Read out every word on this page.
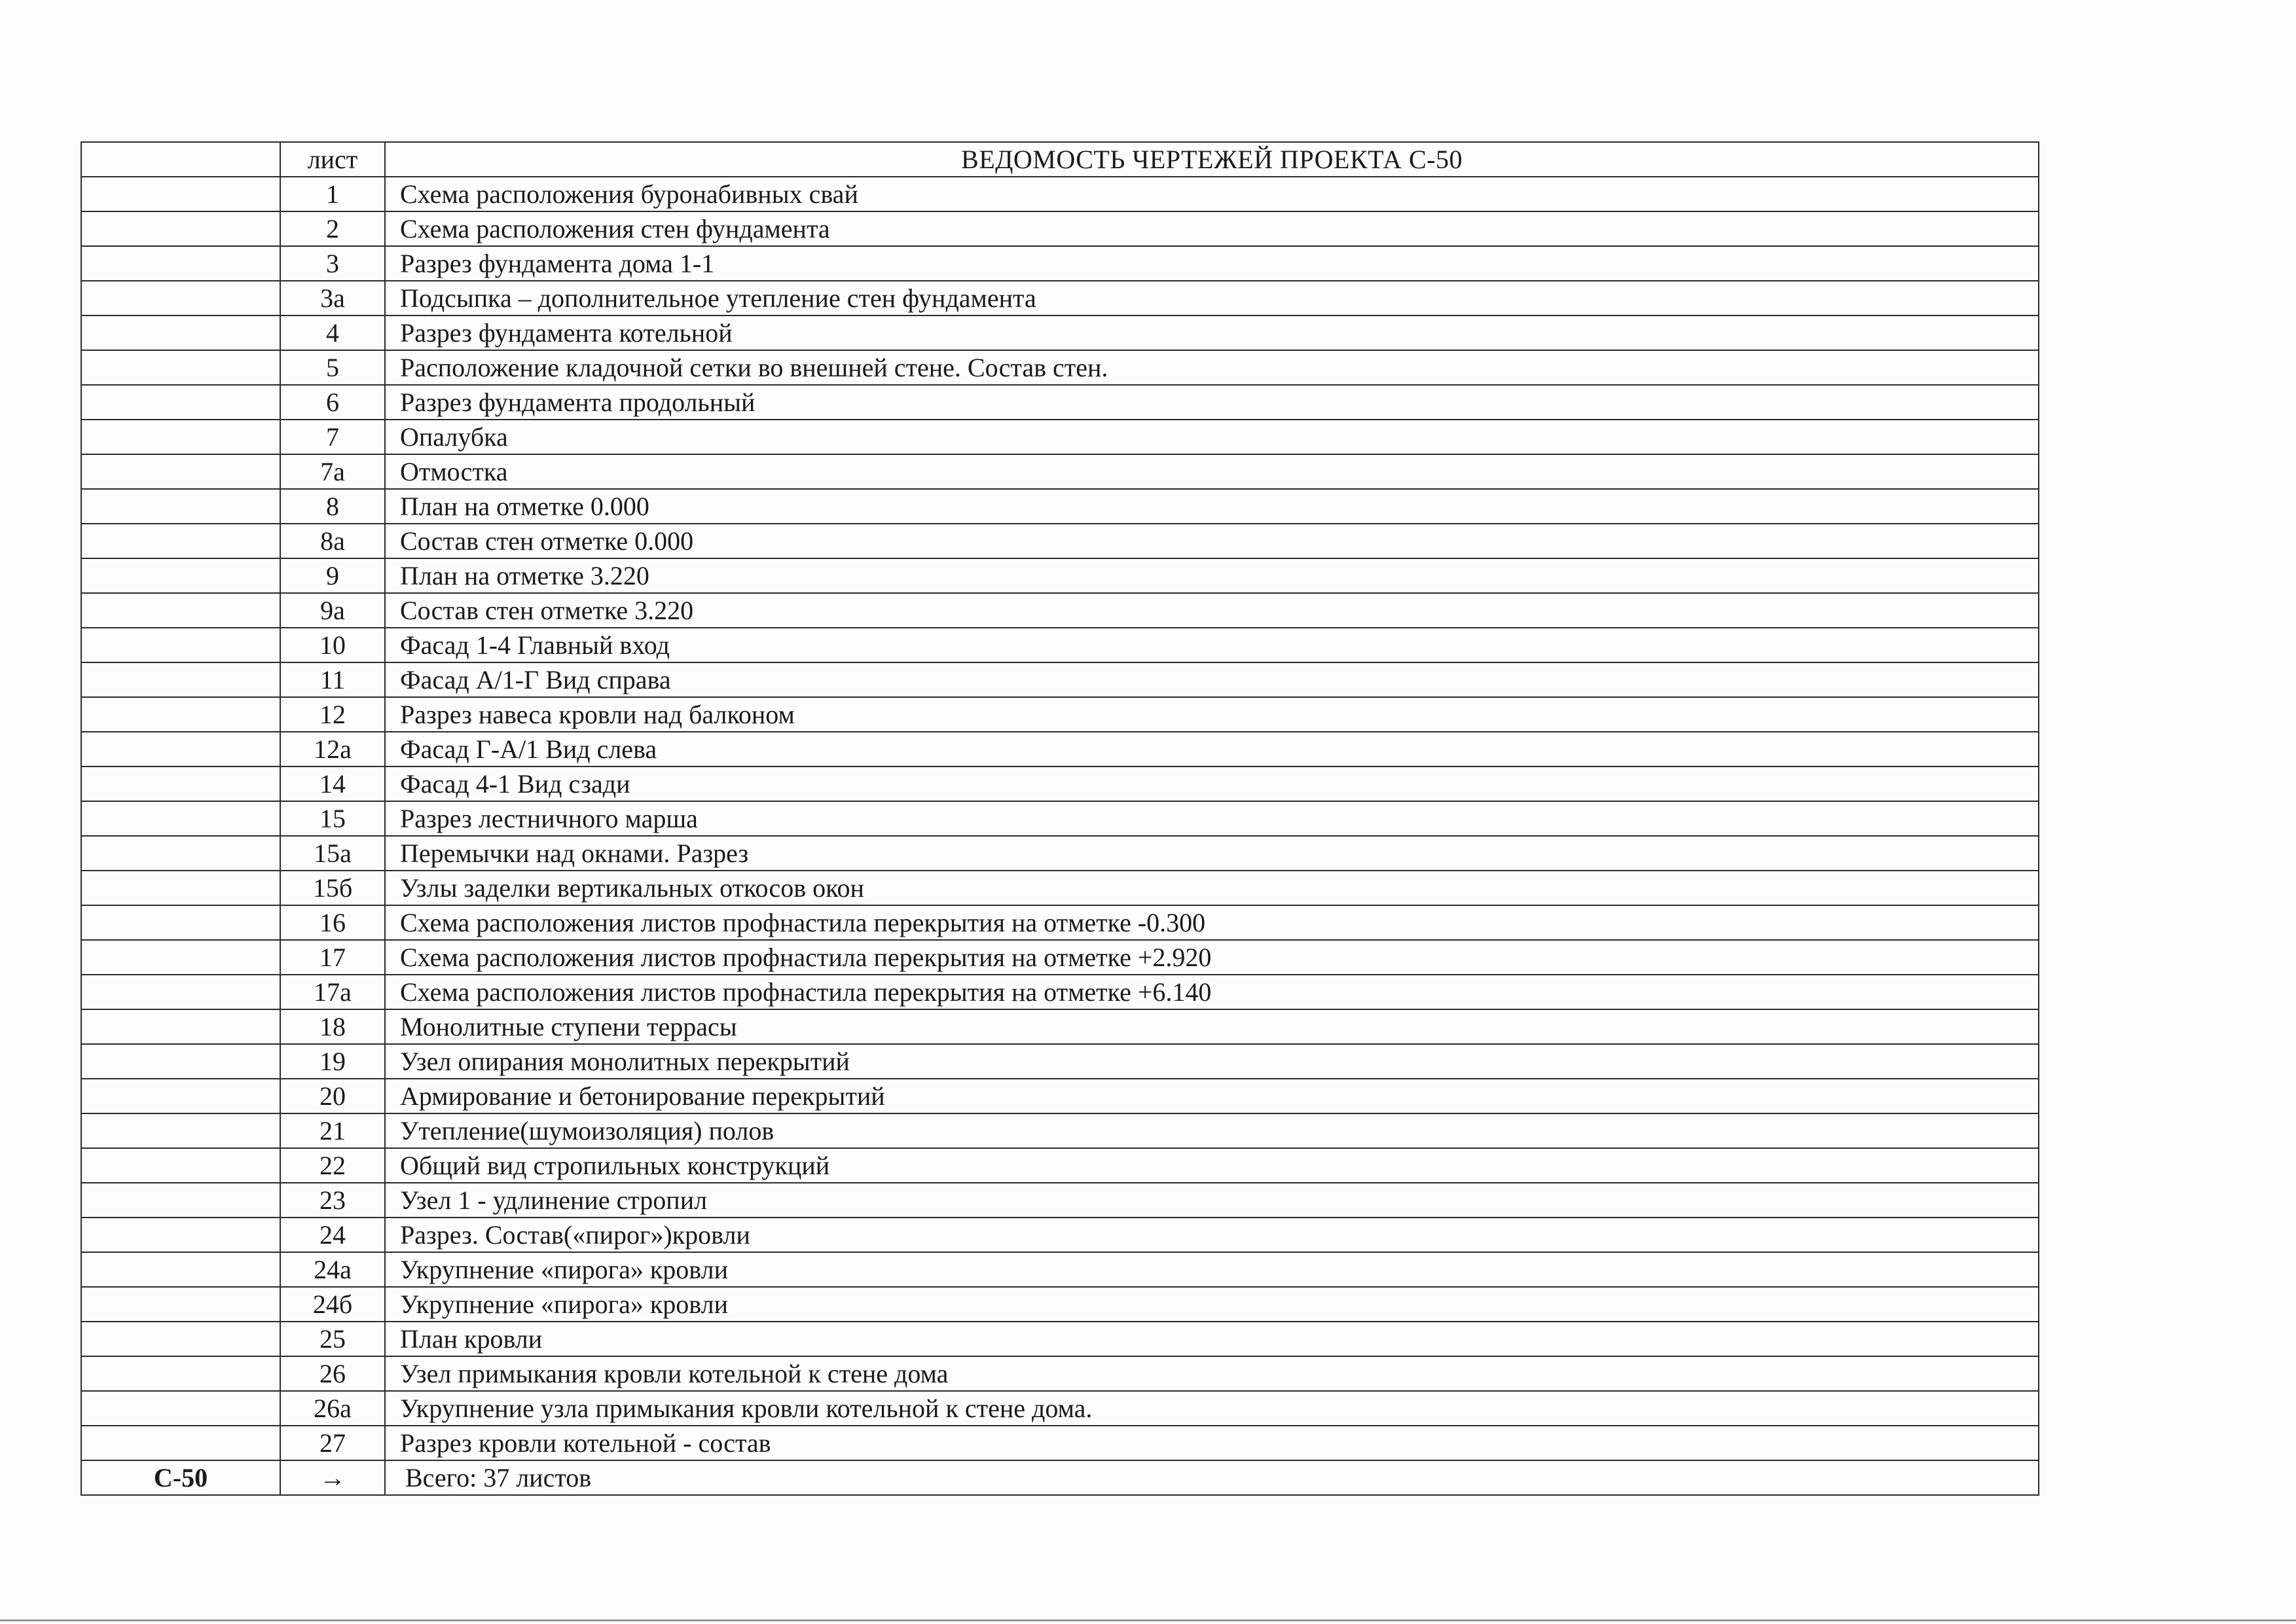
	лист	ВЕДОМОСТЬ ЧЕРТЕЖЕЙ ПРОЕКТА С-50
	1	Схема расположения буронабивных свай
	2	Схема расположения стен фундамента
	3	Разрез фундамента дома 1-1
	3а	Подсыпка – дополнительное утепление стен фундамента
	4	Разрез фундамента котельной
	5	Расположение кладочной сетки во внешней стене. Состав стен.
	6	Разрез фундамента продольный
	7	Опалубка
	7а	Отмостка
	8	План на отметке 0.000
	8а	Состав стен отметке 0.000
	9	План на отметке 3.220
	9а	Состав стен отметке 3.220
	10	Фасад 1-4 Главный вход
	11	Фасад А/1-Г Вид справа
	12	Разрез навеса кровли над балконом
	12а	Фасад Г-А/1 Вид слева
	14	Фасад 4-1 Вид сзади
	15	Разрез лестничного марша
	15а	Перемычки над окнами. Разрез
	15б	Узлы заделки вертикальных откосов окон
	16	Схема расположения листов профнастила перекрытия на отметке -0.300
	17	Схема расположения листов профнастила перекрытия на отметке +2.920
	17а	Схема расположения листов профнастила перекрытия на отметке +6.140
	18	Монолитные ступени террасы
	19	Узел опирания монолитных перекрытий
	20	Армирование и бетонирование перекрытий
	21	Утепление(шумоизоляция) полов
	22	Общий вид стропильных конструкций
	23	Узел 1 - удлинение стропил
	24	Разрез. Состав(«пирог»)кровли
	24а	Укрупнение «пирога» кровли
	24б	Укрупнение «пирога» кровли
	25	План кровли
	26	Узел примыкания кровли котельной к стене дома
	26а	Укрупнение узла примыкания кровли котельной к стене дома.
	27	Разрез кровли котельной - состав
С-50	→	Всего: 37 листов
